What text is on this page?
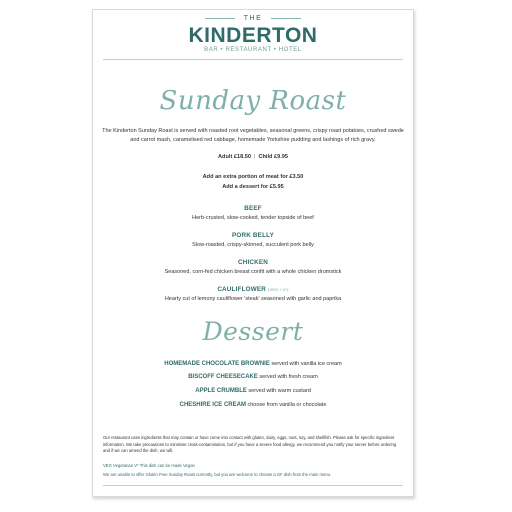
THE
KINDERTON
BAR • RESTAURANT • HOTEL
Sunday Roast
The Kinderton Sunday Roast is served with roasted root vegetables, seasonal greens, crispy roast potatoes, crushed swede and carrot mash, caramelised red cabbage, homemade Yorkshire pudding and lashings of rich gravy.
Adult £18.50 | Child £9.95
Add an extra portion of meat for £3.50
Add a dessert for £5.95
BEEF
Herb-crusted, slow-cooked, tender topside of beef
PORK BELLY
Slow-roasted, crispy-skinned, succulent pork belly
CHICKEN
Seasoned, corn-fed chicken breast confit with a whole chicken drumstick
CAULIFLOWER (VEG / V*)
Hearty cut of lemony cauliflower 'steak' seasoned with garlic and paprika
Dessert
HOMEMADE CHOCOLATE BROWNIE served with vanilla ice cream
BISCOFF CHEESECAKE served with fresh cream
APPLE CRUMBLE served with warm custard
CHESHIRE ICE CREAM choose from vanilla or chocolate
Our restaurant uses ingredients that may contain or have come into contact with gluten, dairy, eggs, nuts, soy, and shellfish. Please ask for specific ingredient information. We take precautions to minimise cross-contamination, but if you have a severe food allergy, we recommend you notify your server before ordering and if we can amend the dish, we will.
VEG Vegetarian V* This dish can be made Vegan
We are unable to offer Gluten Free Sunday Roast currently, but you are welcome to choose a GF dish from the main menu.
